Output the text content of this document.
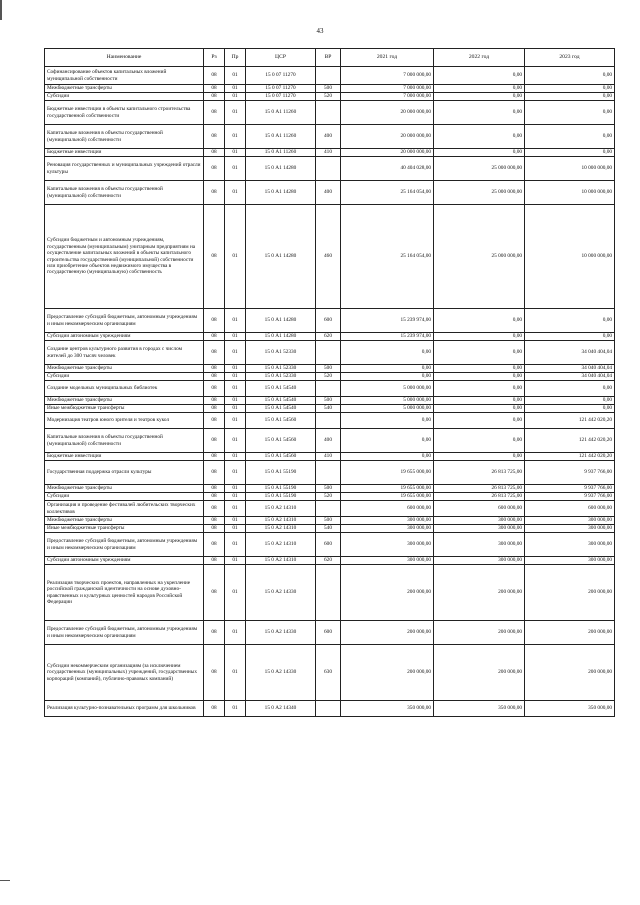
43
Наименование	Рз	Пр	ЦСР	ВР	2021 год	2022 год	2023 год
Софинансирование объектов капитальных вложений муниципальной собственности	08	01	15 0 07 11270		7 000 000,00	0,00	0,00
Межбюджетные трансферты	08	01	15 0 07 11270	500	7 000 000,00	0,00	0,00
Субсидии	08	01	15 0 07 11270	520	7 000 000,00	0,00	0,00
Бюджетные инвестиции в объекты капитального строительства государственной собственности	08	01	15 0 А1 11260		20 000 000,00	0,00	0,00
Капитальные вложения в объекты государственной (муниципальной) собственности	08	01	15 0 А1 11260	400	20 000 000,00	0,00	0,00
Бюджетные инвестиции	08	01	15 0 А1 11260	410	20 000 000,00	0,00	0,00
Реновация государственных и муниципальных учреждений отрасли культуры	08	01	15 0 А1 14280		40 404 028,00	25 000 000,00	10 000 000,00
Капитальные вложения в объекты государственной (муниципальной) собственности	08	01	15 0 А1 14280	400	25 164 054,00	25 000 000,00	10 000 000,00
Субсидии бюджетным и автономным учреждениям, государственным (муниципальным) унитарным предприятиям на осуществление капитальных вложений в объекты капитального строительства государственной (муниципальной) собственности или приобретение объектов недвижимого имущества в государственную (муниципальную) собственность	08	01	15 0 А1 14280	460	25 164 054,00	25 000 000,00	10 000 000,00
Предоставление субсидий бюджетным, автономным учреждениям и иным некоммерческим организациям	08	01	15 0 А1 14280	600	15 239 974,00	0,00	0,00
Субсидии автономным учреждениям	08	01	15 0 А1 14280	620	15 239 974,00	0,00	0,00
Создание центров культурного развития в городах с числом жителей до 300 тысяч человек	08	01	15 0 А1 52330		0,00	0,00	34 040 404,04
Межбюджетные трансферты	08	01	15 0 А1 52330	500	0,00	0,00	34 040 404,04
Субсидии	08	01	15 0 А1 52330	520	0,00	0,00	34 040 404,04
Создание модельных муниципальных библиотек	08	01	15 0 А1 54540		5 000 000,00	0,00	0,00
Межбюджетные трансферты	08	01	15 0 А1 54540	500	5 000 000,00	0,00	0,00
Иные межбюджетные трансферты	08	01	15 0 А1 54540	540	5 000 000,00	0,00	0,00
Модернизация театров юного зрителя и театров кукол	08	01	15 0 А1 54560		0,00	0,00	121 442 020,20
Капитальные вложения в объекты государственной (муниципальной) собственности	08	01	15 0 А1 54560	400	0,00	0,00	121 442 020,20
Бюджетные инвестиции	08	01	15 0 А1 54560	410	0,00	0,00	121 442 020,20
Государственная поддержка отрасли культуры	08	01	15 0 А1 55190		19 655 000,00	26 813 725,00	9 937 766,00
Межбюджетные трансферты	08	01	15 0 А1 55190	500	19 655 000,00	26 813 725,00	9 937 766,00
Субсидии	08	01	15 0 А1 55190	520	19 655 000,00	26 813 725,00	9 937 766,00
Организация и проведение фестивалей любительских творческих коллективов	08	01	15 0 А2 14310		600 000,00	600 000,00	600 000,00
Межбюджетные трансферты	08	01	15 0 А2 14310	500	300 000,00	300 000,00	300 000,00
Иные межбюджетные трансферты	08	01	15 0 А2 14310	540	300 000,00	300 000,00	300 000,00
Предоставление субсидий бюджетным, автономным учреждениям и иным некоммерческим организациям	08	01	15 0 А2 14310	600	300 000,00	300 000,00	300 000,00
Субсидии автономным учреждениям	08	01	15 0 А2 14310	620	300 000,00	300 000,00	300 000,00
Реализация творческих проектов, направленных на укрепление российской гражданской идентичности на основе духовно-нравственных и культурных ценностей народов Российской Федерации	08	01	15 0 А2 14330		200 000,00	200 000,00	200 000,00
Предоставление субсидий бюджетным, автономным учреждениям и иным некоммерческим организациям	08	01	15 0 А2 14330	600	200 000,00	200 000,00	200 000,00
Субсидии некоммерческим организациям (за исключением государственных (муниципальных) учреждений, государственных корпораций (компаний), публично-правовых компаний)	08	01	15 0 А2 14330	630	200 000,00	200 000,00	200 000,00
Реализация культурно-познавательных программ для школьников	08	01	15 0 А2 14340		350 000,00	350 000,00	350 000,00
